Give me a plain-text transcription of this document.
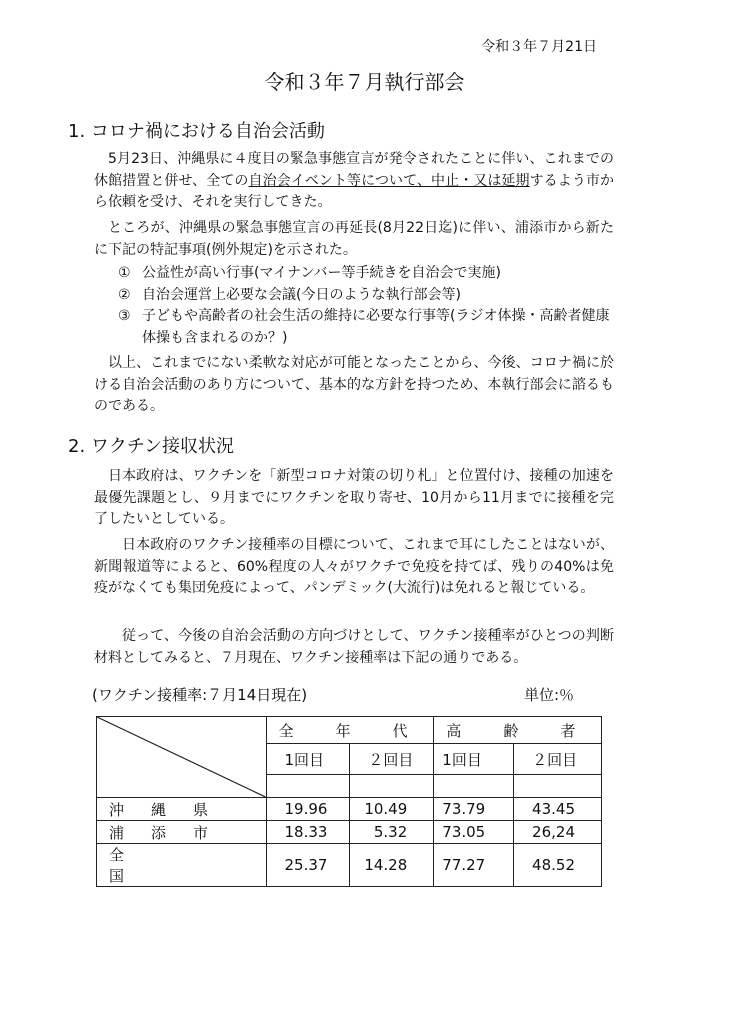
令和３年７月21日
令和３年７月執行部会
1. コロナ禍における自治会活動

5月23日、沖縄県に４度目の緊急事態宣言が発令されたことに伴い、これまでの休館措置と併せ、全ての自治会イベント等について、中止・又は延期するよう市から依頼を受け、それを実行してきた。

ところが、沖縄県の緊急事態宣言の再延長(8月22日迄)に伴い、浦添市から新たに下記の特記事項(例外規定)を示された。

① 公益性が高い行事(マイナンバー等手続きを自治会で実施)
② 自治会運営上必要な会議(今日のような執行部会等)
③ 子どもや高齢者の社会生活の維持に必要な行事等(ラジオ体操・高齢者健康体操も含まれるのか？)

以上、これまでにない柔軟な対応が可能となったことから、今後、コロナ禍に於ける自治会活動のあり方について、基本的な方針を持つため、本執行部会に諮るものである。

2. ワクチン接収状況

日本政府は、ワクチンを「新型コロナ対策の切り札」と位置付け、接種の加速を最優先課題とし、９月までにワクチンを取り寄せ、10月から11月までに接種を完了したいとしている。

日本政府のワクチン接種率の目標について、これまで耳にしたことはないが、新聞報道等によると、60%程度の人々がワクチで免疫を持てば、残りの40%は免疫がなくても集団免疫によって、パンデミック(大流行)は免れると報じている。

従って、今後の自治会活動の方向づけとして、ワクチン接種率がひとつの判断材料としてみると、７月現在、ワクチン接種率は下記の通りである。

(ワクチン接種率:７月14日現在)	単位:％
	全　年　代		高　齢　者	
	1回目	２回目	1回目	２回目

沖縄県	19.96	10.49	73.79	43.45
浦添市	18.33	5.32	73.05	26,24
全国	25.37	14.28	77.27	48.52
